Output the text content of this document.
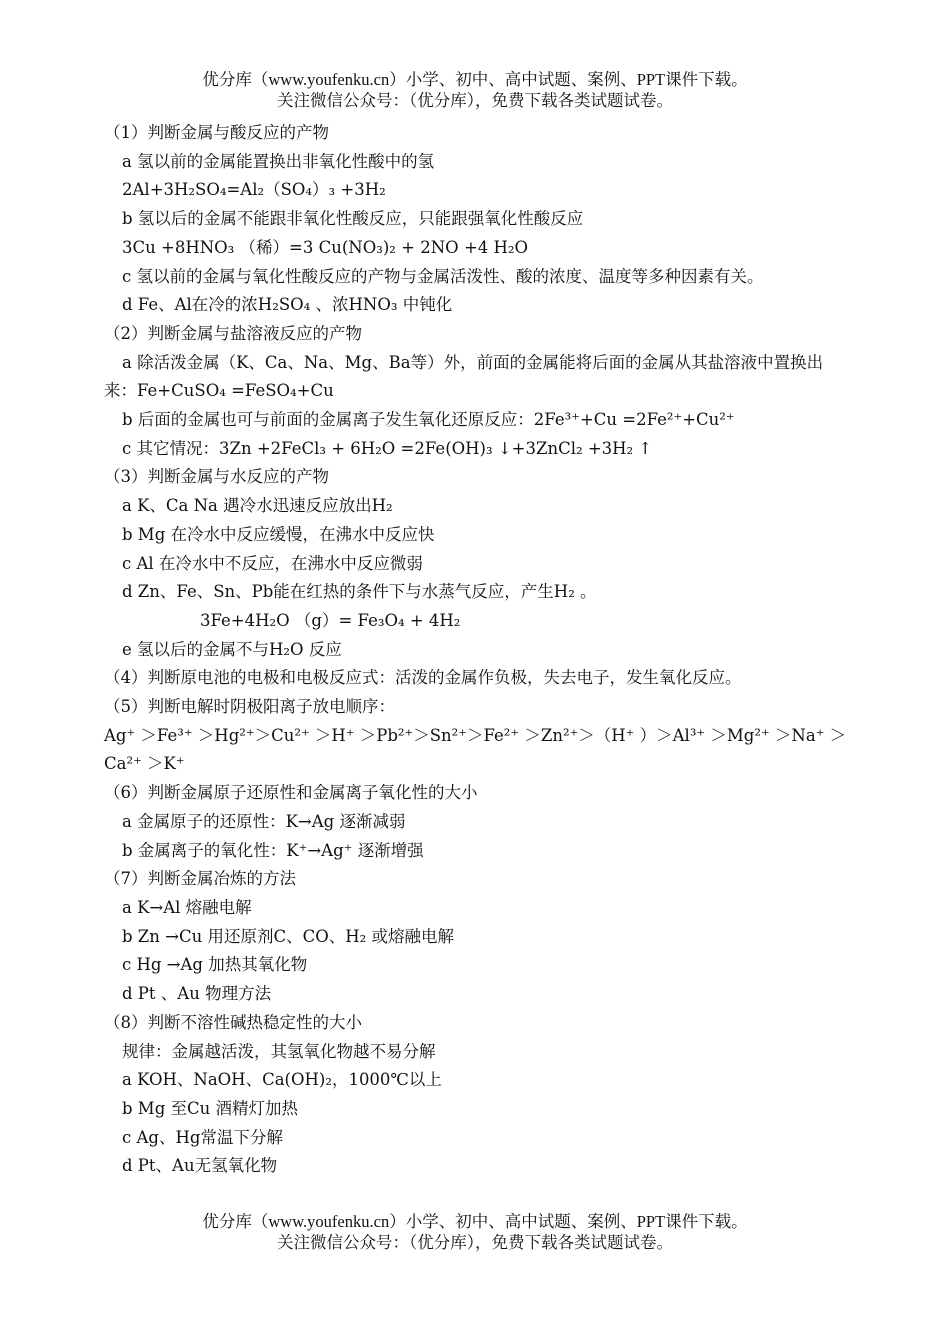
优分库（www.youfenku.cn）小学、初中、高中试题、案例、PPT课件下载。
关注微信公众号：（优分库），免费下载各类试题试卷。
（1）判断金属与酸反应的产物
a 氢以前的金属能置换出非氧化性酸中的氢
2Al+3H₂SO₄=Al₂（SO₄）₃ +3H₂
b 氢以后的金属不能跟非氧化性酸反应，只能跟强氧化性酸反应
3Cu +8HNO₃ （稀）=3 Cu(NO₃)₂ + 2NO +4 H₂O
c 氢以前的金属与氧化性酸反应的产物与金属活泼性、酸的浓度、温度等多种因素有关。
d Fe、Al在冷的浓H₂SO₄ 、浓HNO₃ 中钝化
（2）判断金属与盐溶液反应的产物
a 除活泼金属（K、Ca、Na、Mg、Ba等）外，前面的金属能将后面的金属从其盐溶液中置换出来：Fe+CuSO₄ =FeSO₄+Cu
b 后面的金属也可与前面的金属离子发生氧化还原反应：2Fe³⁺+Cu =2Fe²⁺+Cu²⁺
c 其它情况：3Zn +2FeCl₃ + 6H₂O =2Fe(OH)₃ ↓+3ZnCl₂ +3H₂ ↑
（3）判断金属与水反应的产物
a K、Ca Na 遇冷水迅速反应放出H₂
b Mg 在冷水中反应缓慢，在沸水中反应快
c Al 在冷水中不反应，在沸水中反应微弱
d Zn、Fe、Sn、Pb能在红热的条件下与水蒸气反应，产生H₂ 。
3Fe+4H₂O （g）= Fe₃O₄ + 4H₂
e 氢以后的金属不与H₂O 反应
（4）判断原电池的电极和电极反应式：活泼的金属作负极，失去电子，发生氧化反应。
（5）判断电解时阴极阳离子放电顺序：
Ag⁺ ＞Fe³⁺ ＞Hg²⁺＞Cu²⁺ ＞H⁺ ＞Pb²⁺＞Sn²⁺＞Fe²⁺ ＞Zn²⁺＞（H⁺ ）＞Al³⁺ ＞Mg²⁺ ＞Na⁺ ＞Ca²⁺ ＞K⁺
（6）判断金属原子还原性和金属离子氧化性的大小
a 金属原子的还原性：K→Ag 逐渐减弱
b 金属离子的氧化性：K⁺→Ag⁺ 逐渐增强
（7）判断金属冶炼的方法
a K→Al 熔融电解
b Zn →Cu 用还原剂C、CO、H₂ 或熔融电解
c Hg →Ag 加热其氧化物
d Pt 、Au 物理方法
（8）判断不溶性碱热稳定性的大小
规律：金属越活泼，其氢氧化物越不易分解
a KOH、NaOH、Ca(OH)₂，1000℃以上
b Mg 至Cu 酒精灯加热
c Ag、Hg常温下分解
d Pt、Au无氢氧化物
优分库（www.youfenku.cn）小学、初中、高中试题、案例、PPT课件下载。
关注微信公众号：（优分库），免费下载各类试题试卷。
